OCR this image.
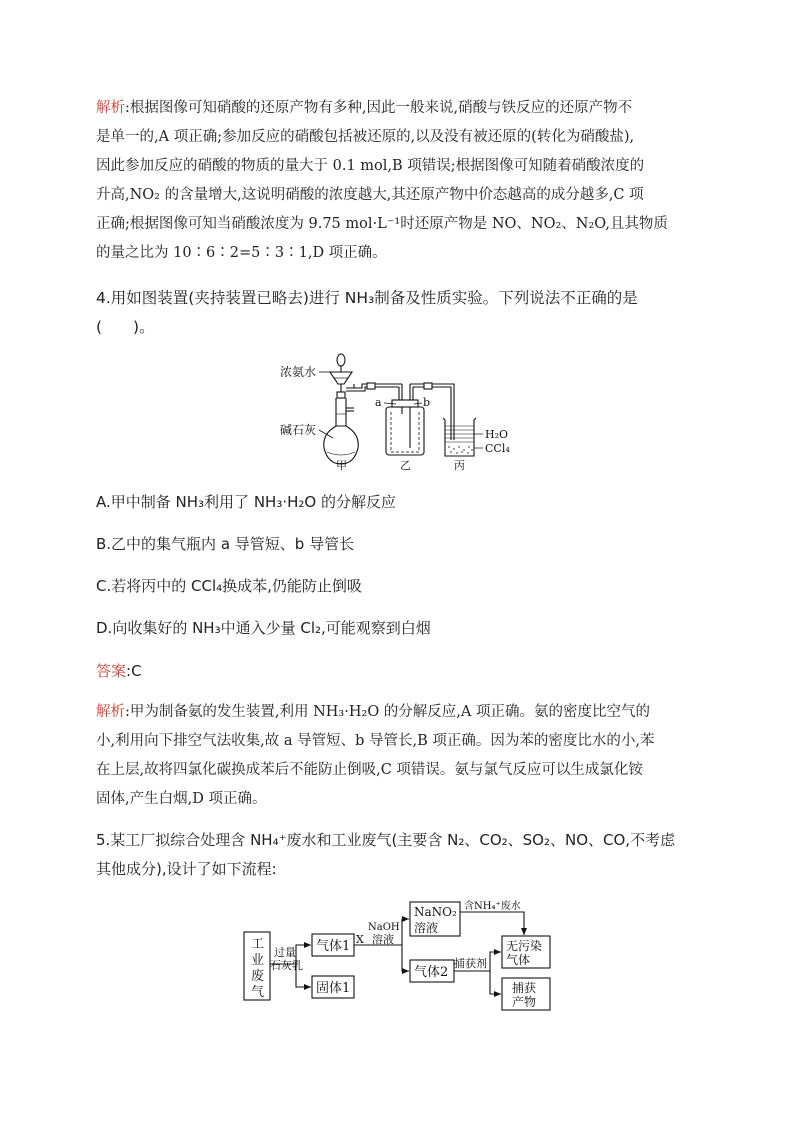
解析:根据图像可知硝酸的还原产物有多种,因此一般来说,硝酸与铁反应的还原产物不
是单一的,A 项正确;参加反应的硝酸包括被还原的,以及没有被还原的(转化为硝酸盐),
因此参加反应的硝酸的物质的量大于 0.1 mol,B 项错误;根据图像可知随着硝酸浓度的
升高,NO₂ 的含量增大,这说明硝酸的浓度越大,其还原产物中价态越高的成分越多,C 项
正确;根据图像可知当硝酸浓度为 9.75 mol·L⁻¹时还原产物是 NO、NO₂、N₂O,且其物质
的量之比为 10∶6∶2=5∶3∶1,D 项正确。
4.用如图装置(夹持装置已略去)进行 NH₃制备及性质实验。下列说法不正确的是
(　　)。
浓氨水
碱石灰
a	b
H₂O
CCl₄
甲	乙	丙
A.甲中制备 NH₃利用了 NH₃·H₂O 的分解反应
B.乙中的集气瓶内 a 导管短、b 导管长
C.若将丙中的 CCl₄换成苯,仍能防止倒吸
D.向收集好的 NH₃中通入少量 Cl₂,可能观察到白烟
答案:C
解析:甲为制备氨的发生装置,利用 NH₃·H₂O 的分解反应,A 项正确。氨的密度比空气的
小,利用向下排空气法收集,故 a 导管短、b 导管长,B 项正确。因为苯的密度比水的小,苯
在上层,故将四氯化碳换成苯后不能防止倒吸,C 项错误。氨与氯气反应可以生成氯化铵
固体,产生白烟,D 项正确。
5.某工厂拟综合处理含 NH₄⁺废水和工业废气(主要含 N₂、CO₂、SO₂、NO、CO,不考虑
其他成分),设计了如下流程:
工
业
废
气
过量
石灰乳
气体1
固体1
X
NaOH
溶液
NaNO₂
溶液
含NH₄⁺废水
气体2
捕获剂
无污染
气体
捕获
产物
